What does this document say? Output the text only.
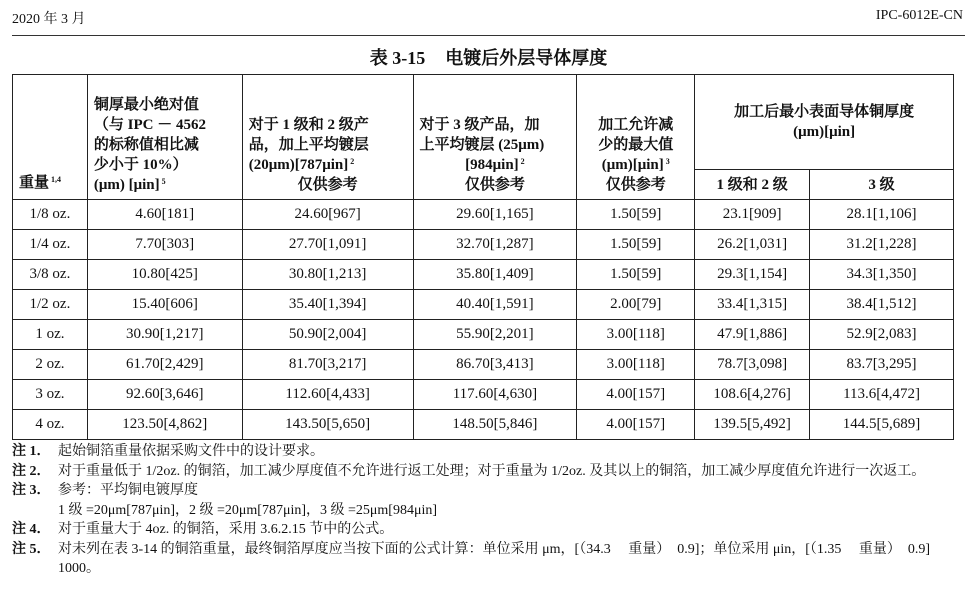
2020 年 3 月	IPC-6012E-CN
表 3-15 电镀后外层导体厚度
重量 $^{1,4}$	铜厚最小绝对值
（与 IPC － 4562
的标称值相比减
少小于 10%）
(μm) [μin] $^5$	对于 1 级和 2 级产
品，加上平均镀层
(20μm)[787μin] $^2$
仅供参考	对于 3 级产品，加
上平均镀层 (25μm)
[984μin] $^2$
仅供参考	加工允许减
少的最大值
(μm)[μin] $^3$
仅供参考	加工后最小表面导体铜厚度
(μm)[μin]	

					1 级和 2 级	3 级
1/8 oz.	4.60[181]	24.60[967]	29.60[1,165]	1.50[59]	23.1[909]	28.1[1,106]
1/4 oz.	7.70[303]	27.70[1,091]	32.70[1,287]	1.50[59]	26.2[1,031]	31.2[1,228]
3/8 oz.	10.80[425]	30.80[1,213]	35.80[1,409]	1.50[59]	29.3[1,154]	34.3[1,350]
1/2 oz.	15.40[606]	35.40[1,394]	40.40[1,591]	2.00[79]	33.4[1,315]	38.4[1,512]
1 oz.	30.90[1,217]	50.90[2,004]	55.90[2,201]	3.00[118]	47.9[1,886]	52.9[2,083]
2 oz.	61.70[2,429]	81.70[3,217]	86.70[3,413]	3.00[118]	78.7[3,098]	83.7[3,295]
3 oz.	92.60[3,646]	112.60[4,433]	117.60[4,630]	4.00[157]	108.6[4,276]	113.6[4,472]
4 oz.	123.50[4,862]	143.50[5,650]	148.50[5,846]	4.00[157]	139.5[5,492]	144.5[5,689]
注 1． 起始铜箔重量依据采购文件中的设计要求。
注 2． 对于重量低于 1/2oz. 的铜箔，加工减少厚度值不允许进行返工处理；对于重量为 1/2oz. 及其以上的铜箔，加工减少厚度值允许进行一次返工。
注 3． 参考：平均铜电镀厚度
1 级 =20μm[787μin]，2 级 =20μm[787μin]，3 级 =25μm[984μin]
注 4． 对于重量大于 4oz. 的铜箔，采用 3.6.2.15 节中的公式。
注 5． 对未列在表 3-14 的铜箔重量，最终铜箔厚度应当按下面的公式计算：单位采用 μm，[（34.3　 重量）　0.9]；单位采用 μin，[（1.35　 重量）　0.9]　 1000。
